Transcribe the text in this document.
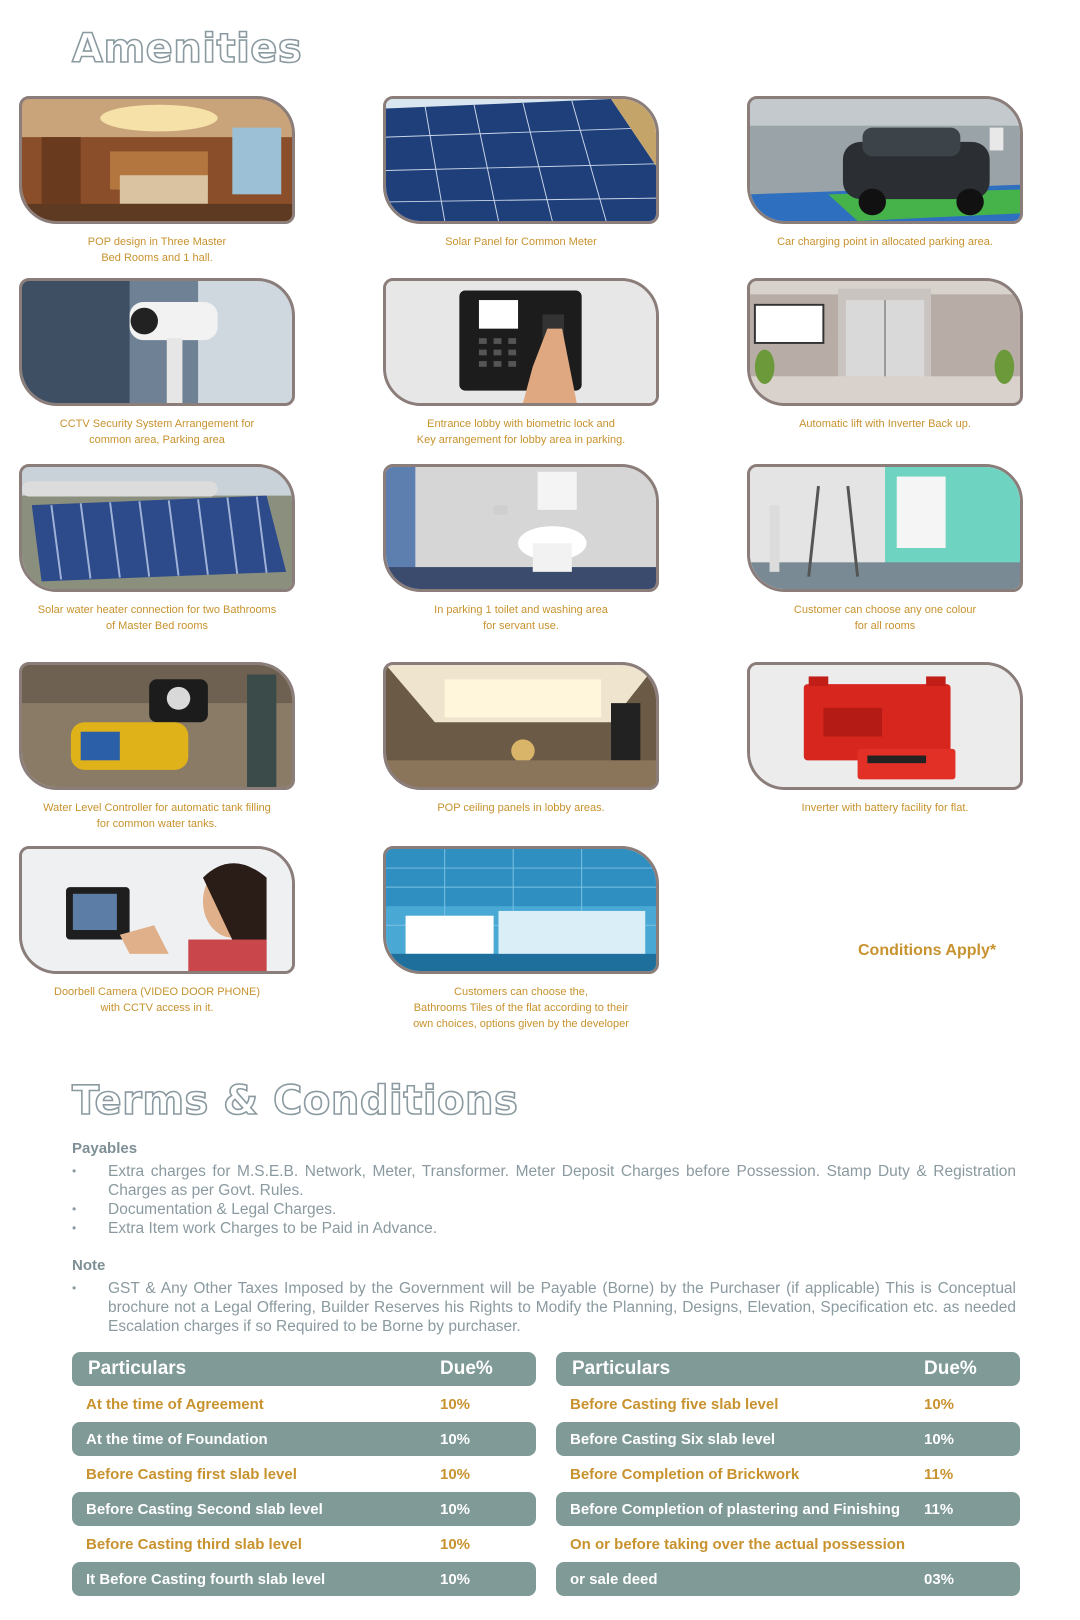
Amenities
POP design in Three Master
Bed Rooms and 1 hall.
Solar Panel for Common Meter	Car charging point in allocated parking area.
CCTV Security System Arrangement for
common area, Parking area
Entrance lobby with biometric lock and
Key arrangement for lobby area in parking.
Automatic lift with Inverter Back up.
Solar water heater connection for two Bathrooms
of Master Bed rooms
In parking 1 toilet and washing area
for servant use.
Customer can choose any one colour
for all rooms
Water Level Controller for automatic tank filling
for common water tanks.
POP ceiling panels in lobby areas.	Inverter with battery facility for flat.
Doorbell Camera (VIDEO DOOR PHONE)
with CCTV access in it.
Customers can choose the,
Bathrooms Tiles of the flat according to their
own choices, options given by the developer
Conditions Apply*
Terms & Conditions
Payables
• Extra charges for M.S.E.B. Network, Meter, Transformer. Meter Deposit Charges before Possession. Stamp Duty & Registration Charges as per Govt. Rules.
• Documentation & Legal Charges.
• Extra Item work Charges to be Paid in Advance.
Note
• GST & Any Other Taxes Imposed by the Government will be Payable (Borne) by the Purchaser (if applicable) This is Conceptual brochure not a Legal Offering, Builder Reserves his Rights to Modify the Planning, Designs, Elevation, Specification etc. as needed Escalation charges if so Required to be Borne by purchaser.
Particulars	Due%
At the time of Agreement	10%
At the time of Foundation	10%
Before Casting first slab level	10%
Before Casting Second slab level	10%
Before Casting third slab level	10%
It Before Casting fourth slab level	10%
Particulars	Due%
Before Casting five slab level	10%
Before Casting Six slab level	10%
Before Completion of Brickwork	11%
Before Completion of plastering and Finishing	11%
On or before taking over the actual possession
or sale deed	03%
